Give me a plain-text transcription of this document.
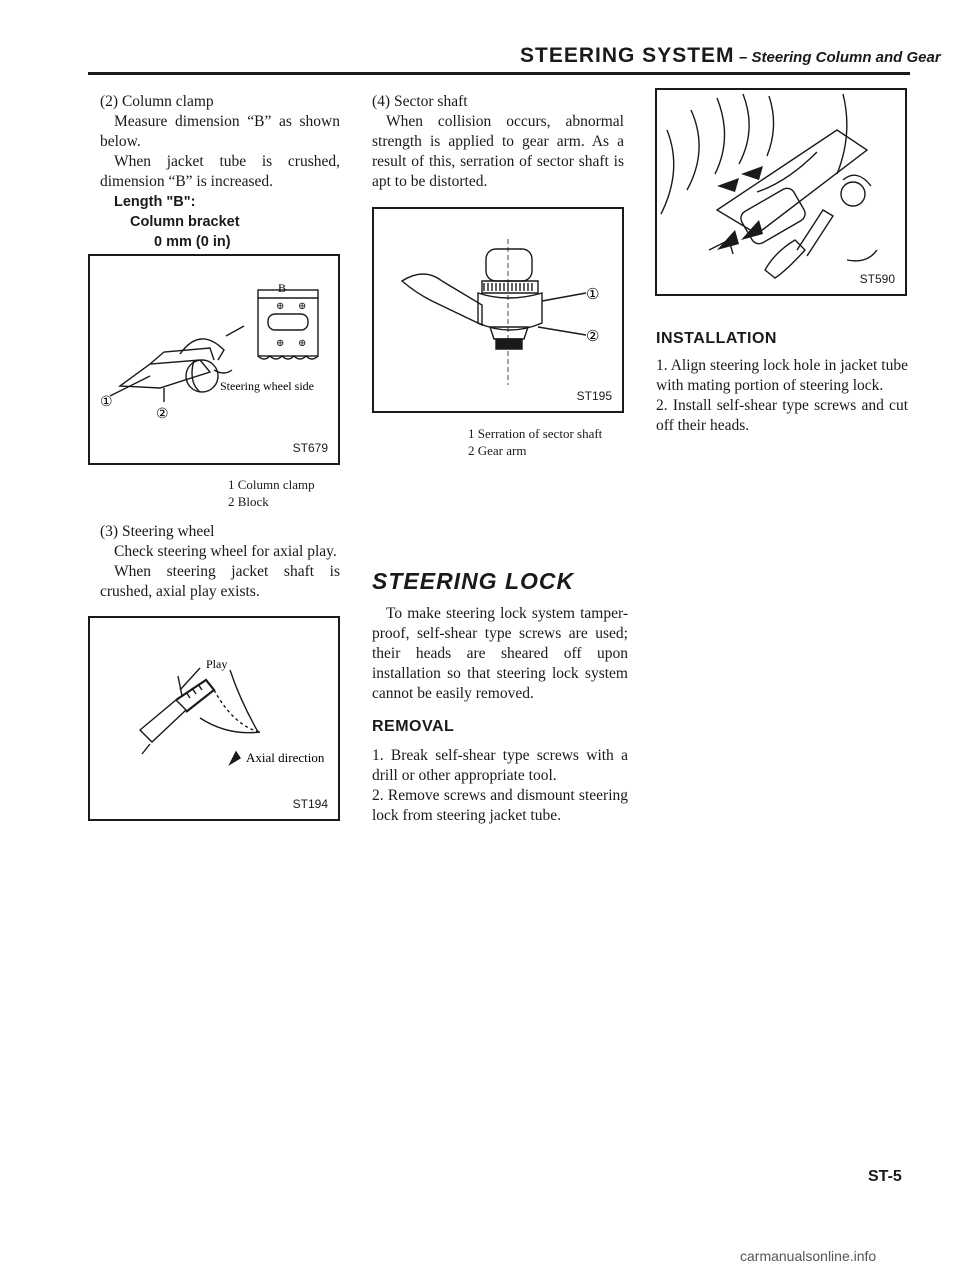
STEERING SYSTEM – Steering Column and Gear

(2) Column clamp

Measure dimension “B” as shown below.

When jacket tube is crushed, dimension “B” is increased.

Length "B":

Column bracket

0 mm (0 in)

⊕ ⊕
⊕ ⊕
①
②
B
Steering wheel side
ST679
1 Column clamp
2 Block

(3) Steering wheel

Check steering wheel for axial play.

When steering jacket shaft is crushed, axial play exists.

Play
Axial direction
ST194

(4) Sector shaft

When collision occurs, abnormal strength is applied to gear arm. As a result of this, serration of sector shaft is apt to be distorted.

①
②
ST195
1 Serration of sector shaft
2 Gear arm
STEERING LOCK

To make steering lock system tamper-proof, self-shear type screws are used; their heads are sheared off upon installation so that steering lock system cannot be easily removed.

REMOVAL

1. Break self-shear type screws with a drill or other appropriate tool.

2. Remove screws and dismount steering lock from steering jacket tube.

ST590
INSTALLATION

1. Align steering lock hole in jacket tube with mating portion of steering lock.

2. Install self-shear type screws and cut off their heads.

ST-5
carmanualsonline.info
